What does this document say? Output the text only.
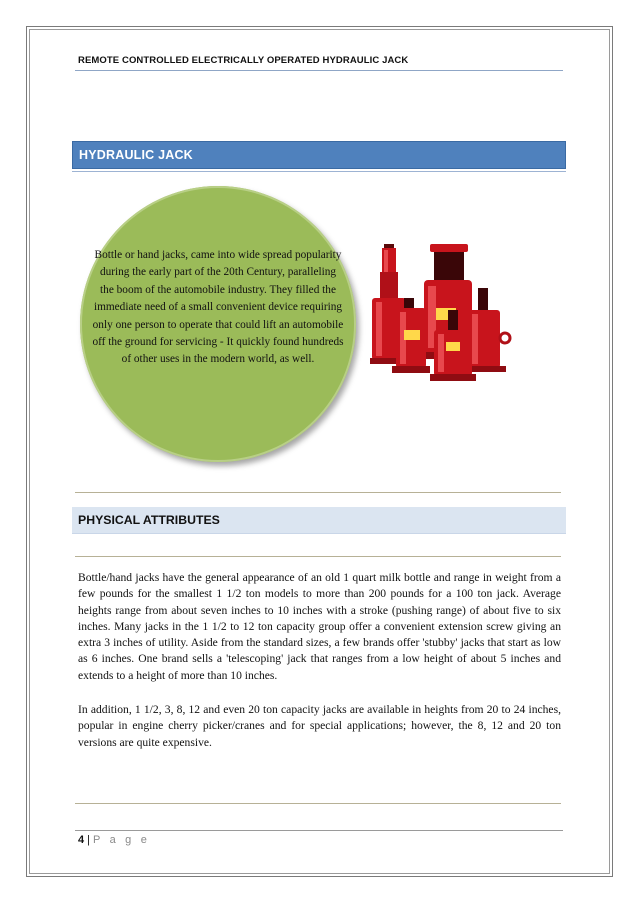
REMOTE CONTROLLED ELECTRICALLY OPERATED HYDRAULIC JACK
HYDRAULIC JACK
Bottle or hand jacks, came into wide spread popularity during the early part of the 20th Century, paralleling the boom of the automobile industry. They filled the immediate need of a small convenient device requiring only one person to operate that could lift an automobile off the ground for servicing - It quickly found hundreds of other uses in the modern world, as well.
PHYSICAL ATTRIBUTES

Bottle/hand jacks have the general appearance of an old 1 quart milk bottle and range in weight from a few pounds for the smallest 1 1/2 ton models to more than 200 pounds for a 100 ton jack. Average heights range from about seven inches to 10 inches with a stroke (pushing range) of about five to six inches. Many jacks in the 1 1/2 to 12 ton capacity group offer a convenient extension screw giving an extra 3 inches of utility. Aside from the standard sizes, a few brands offer 'stubby' jacks that start as low as 6 inches. One brand sells a 'telescoping' jack that ranges from a low height of about 5 inches and extends to a height of more than 10 inches.

In addition, 1 1/2, 3, 8, 12 and even 20 ton capacity jacks are available in heights from 20 to 24 inches, popular in engine cherry picker/cranes and for special applications; however, the 8, 12 and 20 ton versions are quite expensive.

4 | P a g e
